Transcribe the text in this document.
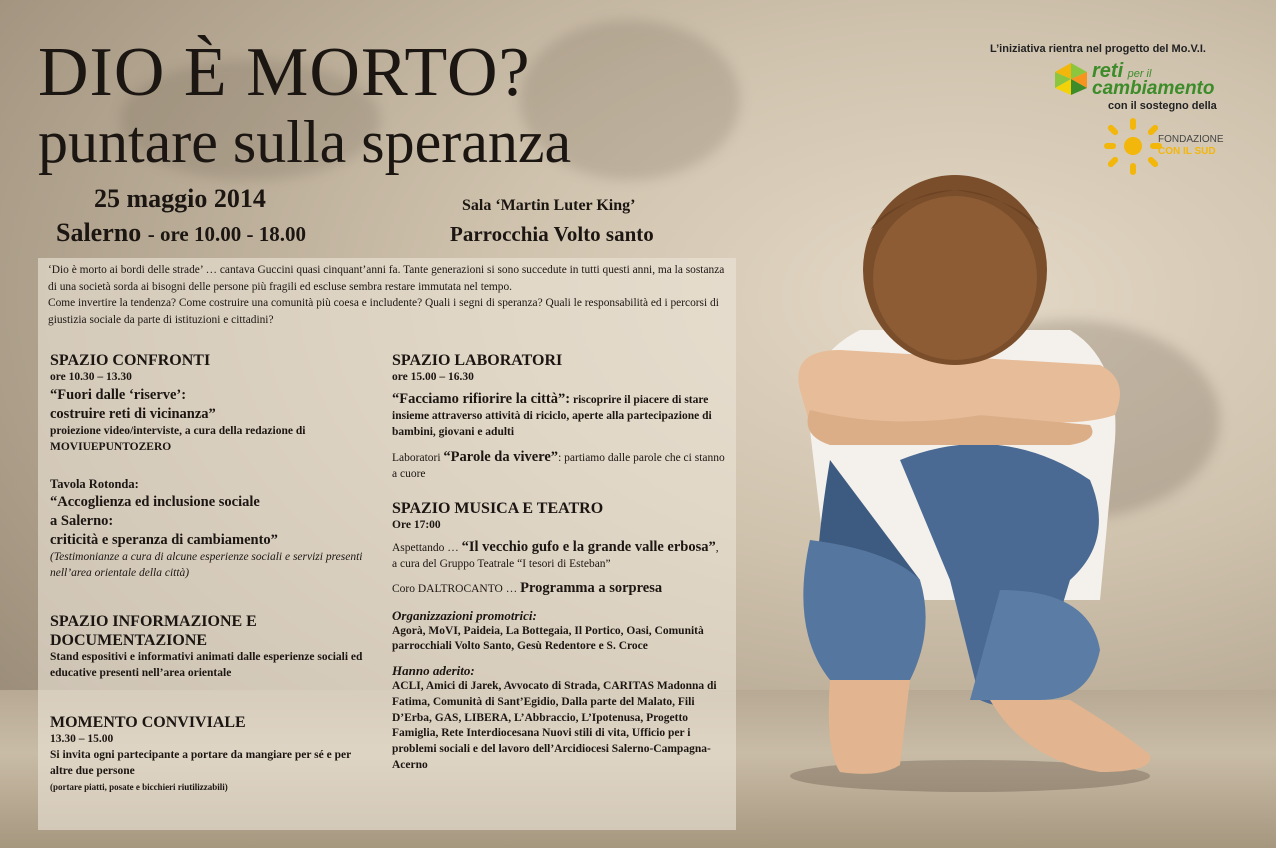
DIO È MORTO?
puntare sulla speranza
25 maggio 2014
Salerno - ore 10.00 - 18.00
Sala ‘Martin Luter King’
Parrocchia Volto santo
L’iniziativa rientra nel progetto del Mo.V.I.
reti per il
cambiamento
con il sostegno della
FONDAZIONE
CON IL SUD
‘Dio è morto ai bordi delle strade’ … cantava Guccini quasi cinquant’anni fa. Tante generazioni si sono succedute in tutti questi anni, ma la sostanza di una società sorda ai bisogni delle persone più fragili ed escluse sembra restare immutata nel tempo.
Come invertire la tendenza? Come costruire una comunità più coesa e includente? Quali i segni di speranza? Quali le responsabilità ed i percorsi di giustizia sociale da parte di istituzioni e cittadini?
SPAZIO CONFRONTI
ore 10.30 – 13.30
“Fuori dalle ‘riserve’:
costruire reti di vicinanza”
proiezione video/interviste, a cura della redazione di MOVIUEPUNTOZERO
Tavola Rotonda:
“Accoglienza ed inclusione sociale
a Salerno:
criticità e speranza di cambiamento”
(Testimonianze a cura di alcune esperienze sociali e servizi presenti nell’area orientale della città)
SPAZIO INFORMAZIONE E
DOCUMENTAZIONE
Stand espositivi e informativi animati dalle esperienze sociali ed educative presenti nell’area orientale
MOMENTO CONVIVIALE
13.30 – 15.00
Si invita ogni partecipante a portare da mangiare per sé e per altre due persone
(portare piatti, posate e bicchieri riutilizzabili)
SPAZIO LABORATORI
ore 15.00 – 16.30
“Facciamo rifiorire la città”: riscoprire il piacere di stare insieme attraverso attività di riciclo, aperte alla partecipazione di bambini, giovani e adulti
Laboratori “Parole da vivere”: partiamo dalle parole che ci stanno a cuore
SPAZIO MUSICA E TEATRO
Ore 17:00
Aspettando … “Il vecchio gufo e la grande valle erbosa”, a cura del Gruppo Teatrale “I tesori di Esteban”
Coro DALTROCANTO … Programma a sorpresa
Organizzazioni promotrici:
Agorà, MoVI, Paideia, La Bottegaia, Il Portico, Oasi, Comunità parrocchiali Volto Santo, Gesù Redentore e S. Croce
Hanno aderito:
ACLI, Amici di Jarek, Avvocato di Strada, CARITAS Madonna di Fatima, Comunità di Sant’Egidio, Dalla parte del Malato, Fili D’Erba, GAS, LIBERA, L’Abbraccio, L’Ipotenusa, Progetto Famiglia, Rete Interdiocesana Nuovi stili di vita, Ufficio per i problemi sociali e del lavoro dell’Arcidiocesi Salerno-Campagna-Acerno
